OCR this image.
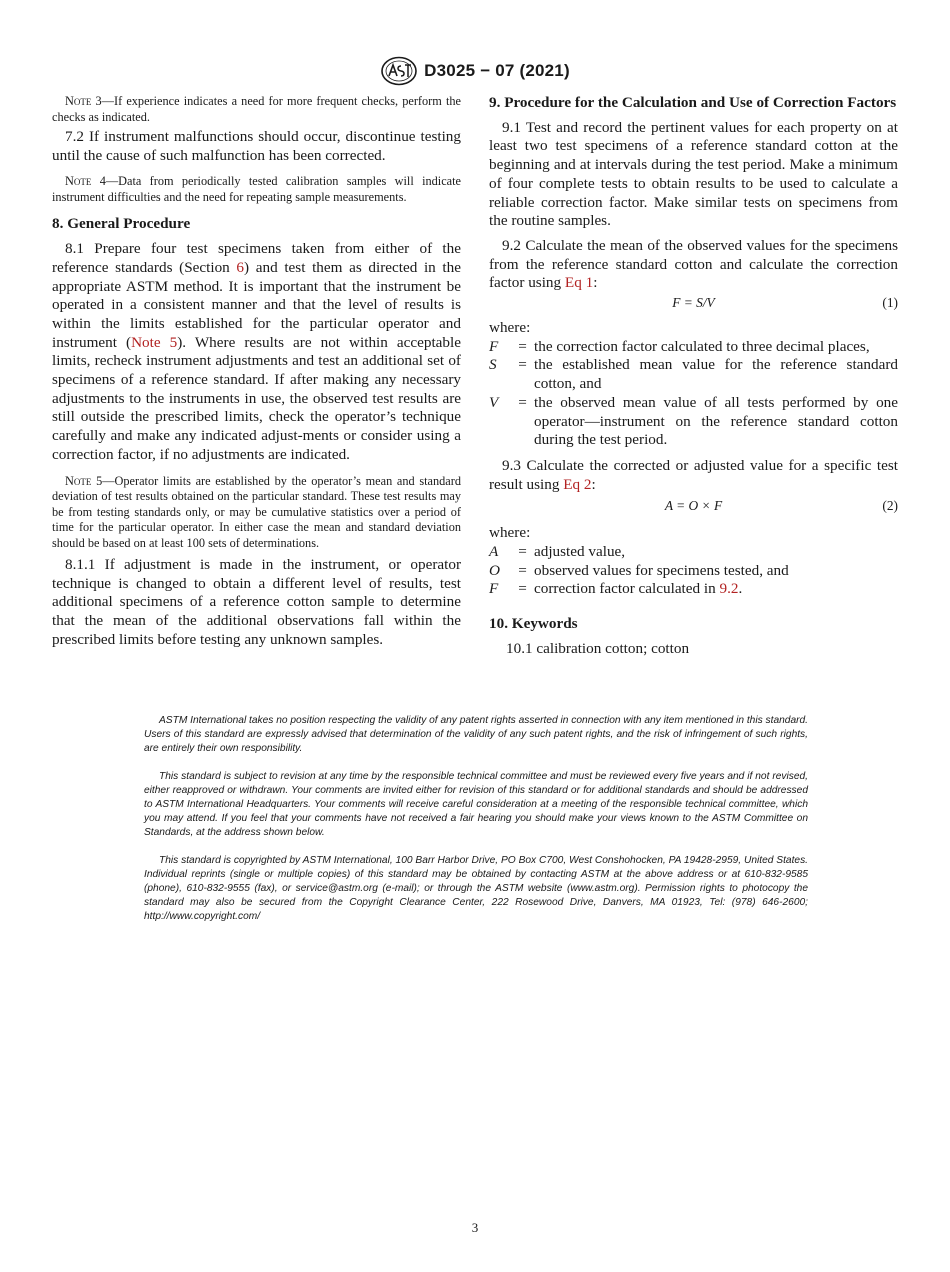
D3025 − 07 (2021)

Note 3—If experience indicates a need for more frequent checks, perform the checks as indicated.

7.2 If instrument malfunctions should occur, discontinue testing until the cause of such malfunction has been corrected.

Note 4—Data from periodically tested calibration samples will indicate instrument difficulties and the need for repeating sample measurements.

8. General Procedure

8.1 Prepare four test specimens taken from either of the reference standards (Section 6) and test them as directed in the appropriate ASTM method. It is important that the instrument be operated in a consistent manner and that the level of results is within the limits established for the particular operator and instrument (Note 5). Where results are not within acceptable limits, recheck instrument adjustments and test an additional set of specimens of a reference standard. If after making any necessary adjustments to the instruments in use, the observed test results are still outside the prescribed limits, check the operator’s technique carefully and make any indicated adjust-ments or consider using a correction factor, if no adjustments are indicated.

Note 5—Operator limits are established by the operator’s mean and standard deviation of test results obtained on the particular standard. These test results may be from testing standards only, or may be cumulative statistics over a period of time for the particular operator. In either case the mean and standard deviation should be based on at least 100 sets of determinations.

8.1.1 If adjustment is made in the instrument, or operator technique is changed to obtain a different level of results, test additional specimens of a reference cotton sample to determine that the mean of the additional observations fall within the prescribed limits before testing any unknown samples.

9. Procedure for the Calculation and Use of Correction Factors

9.1 Test and record the pertinent values for each property on at least two test specimens of a reference standard cotton at the beginning and at intervals during the test period. Make a minimum of four complete tests to obtain results to be used to calculate a reliable correction factor. Make similar tests on specimens from the routine samples.

9.2 Calculate the mean of the observed values for the specimens from the reference standard cotton and calculate the correction factor using Eq 1:

F = S/V	(1)

where:

F	= the correction factor calculated to three decimal places,
S	= the established mean value for the reference standard cotton, and
V	= the observed mean value of all tests performed by one operator—instrument on the reference standard cotton during the test period.

9.3 Calculate the corrected or adjusted value for a specific test result using Eq 2:

A = O × F	(2)

where:

A	= adjusted value,
O	= observed values for specimens tested, and
F	= correction factor calculated in 9.2.

10. Keywords

10.1 calibration cotton; cotton

ASTM International takes no position respecting the validity of any patent rights asserted in connection with any item mentioned in this standard. Users of this standard are expressly advised that determination of the validity of any such patent rights, and the risk of infringement of such rights, are entirely their own responsibility.

This standard is subject to revision at any time by the responsible technical committee and must be reviewed every five years and if not revised, either reapproved or withdrawn. Your comments are invited either for revision of this standard or for additional standards and should be addressed to ASTM International Headquarters. Your comments will receive careful consideration at a meeting of the responsible technical committee, which you may attend. If you feel that your comments have not received a fair hearing you should make your views known to the ASTM Committee on Standards, at the address shown below.

This standard is copyrighted by ASTM International, 100 Barr Harbor Drive, PO Box C700, West Conshohocken, PA 19428-2959, United States. Individual reprints (single or multiple copies) of this standard may be obtained by contacting ASTM at the above address or at 610-832-9585 (phone), 610-832-9555 (fax), or service@astm.org (e-mail); or through the ASTM website (www.astm.org). Permission rights to photocopy the standard may also be secured from the Copyright Clearance Center, 222 Rosewood Drive, Danvers, MA 01923, Tel: (978) 646-2600; http://www.copyright.com/

3
